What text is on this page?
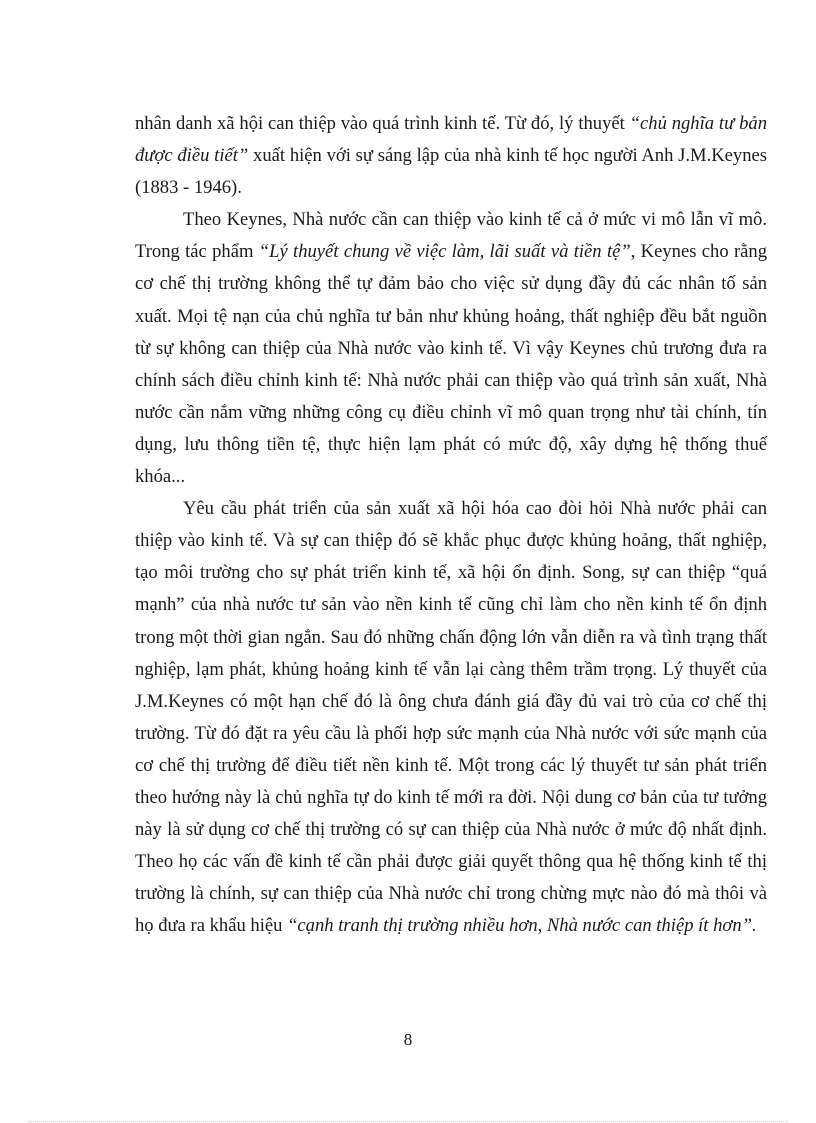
nhân danh xã hội can thiệp vào quá trình kinh tế. Từ đó, lý thuyết “chủ nghĩa tư bản được điều tiết” xuất hiện với sự sáng lập của nhà kinh tế học người Anh J.M.Keynes (1883 - 1946).

Theo Keynes, Nhà nước cần can thiệp vào kinh tế cả ở mức vi mô lẫn vĩ mô. Trong tác phẩm “Lý thuyết chung về việc làm, lãi suất và tiền tệ”, Keynes cho rằng cơ chế thị trường không thể tự đảm bảo cho việc sử dụng đầy đủ các nhân tố sản xuất. Mọi tệ nạn của chủ nghĩa tư bản như khủng hoảng, thất nghiệp đều bắt nguồn từ sự không can thiệp của Nhà nước vào kinh tế. Vì vậy Keynes chủ trương đưa ra chính sách điều chỉnh kinh tế: Nhà nước phải can thiệp vào quá trình sản xuất, Nhà nước cần nắm vững những công cụ điều chỉnh vĩ mô quan trọng như tài chính, tín dụng, lưu thông tiền tệ, thực hiện lạm phát có mức độ, xây dựng hệ thống thuế khóa...

Yêu cầu phát triển của sản xuất xã hội hóa cao đòi hỏi Nhà nước phải can thiệp vào kinh tế. Và sự can thiệp đó sẽ khắc phục được khủng hoảng, thất nghiệp, tạo môi trường cho sự phát triển kinh tế, xã hội ổn định. Song, sự can thiệp “quá mạnh” của nhà nước tư sản vào nền kinh tế cũng chỉ làm cho nền kinh tế ổn định trong một thời gian ngắn. Sau đó những chấn động lớn vẫn diễn ra và tình trạng thất nghiệp, lạm phát, khủng hoảng kinh tế vẫn lại càng thêm trầm trọng. Lý thuyết của J.M.Keynes có một hạn chế đó là ông chưa đánh giá đầy đủ vai trò của cơ chế thị trường. Từ đó đặt ra yêu cầu là phối hợp sức mạnh của Nhà nước với sức mạnh của cơ chế thị trường để điều tiết nền kinh tế. Một trong các lý thuyết tư sản phát triển theo hướng này là chủ nghĩa tự do kinh tế mới ra đời. Nội dung cơ bản của tư tưởng này là sử dụng cơ chế thị trường có sự can thiệp của Nhà nước ở mức độ nhất định. Theo họ các vấn đề kinh tế cần phải được giải quyết thông qua hệ thống kinh tế thị trường là chính, sự can thiệp của Nhà nước chỉ trong chừng mực nào đó mà thôi và họ đưa ra khẩu hiệu “cạnh tranh thị trường nhiều hơn, Nhà nước can thiệp ít hơn”.

8
